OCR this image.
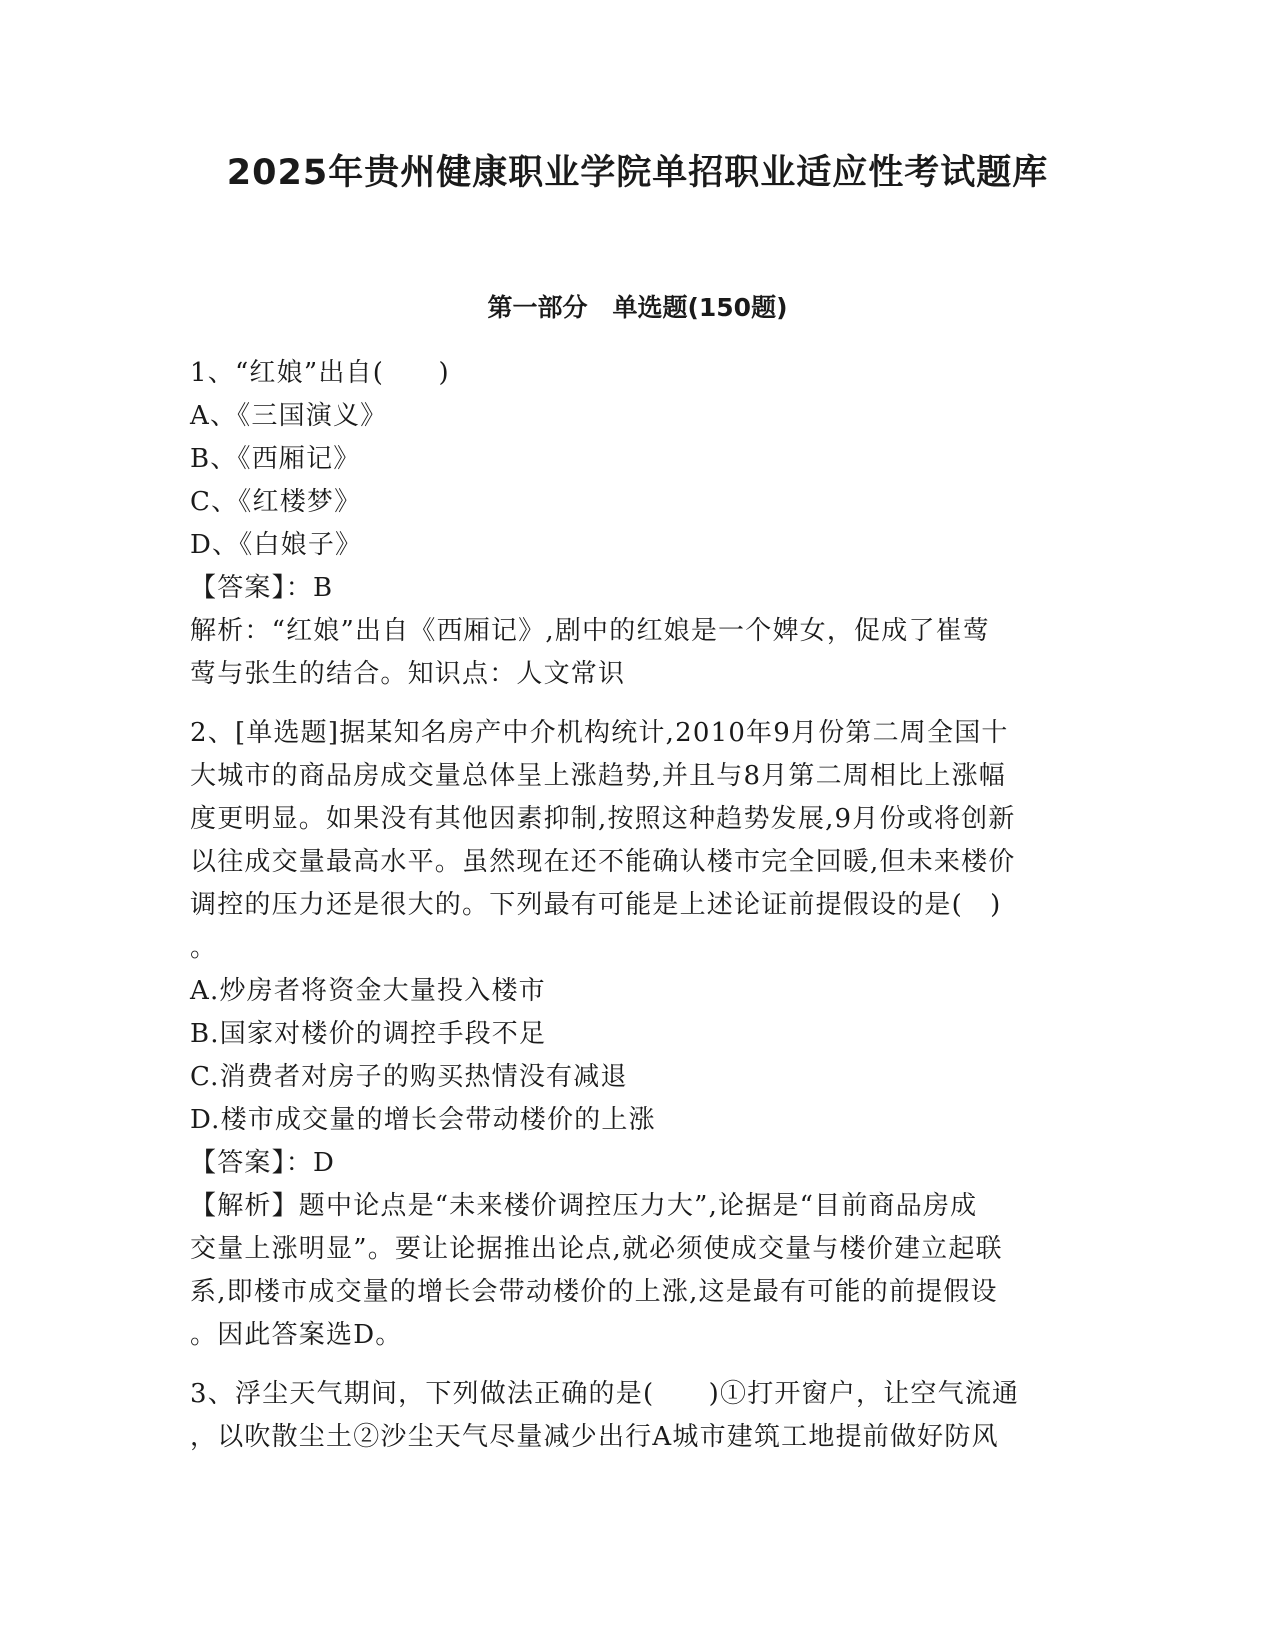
2025年贵州健康职业学院单招职业适应性考试题库
第一部分　单选题(150题)
1、“红娘”出自(　　)
A、《三国演义》
B、《西厢记》
C、《红楼梦》
D、《白娘子》
【答案】：B
解析：“红娘”出自《西厢记》,剧中的红娘是一个婢女，促成了崔莺
莺与张生的结合。知识点：人文常识
2、[单选题]据某知名房产中介机构统计,2010年9月份第二周全国十
大城市的商品房成交量总体呈上涨趋势,并且与8月第二周相比上涨幅
度更明显。如果没有其他因素抑制,按照这种趋势发展,9月份或将创新
以往成交量最高水平。虽然现在还不能确认楼市完全回暖,但未来楼价
调控的压力还是很大的。下列最有可能是上述论证前提假设的是(　)
。
A.炒房者将资金大量投入楼市
B.国家对楼价的调控手段不足
C.消费者对房子的购买热情没有减退
D.楼市成交量的增长会带动楼价的上涨
【答案】：D
【解析】题中论点是“未来楼价调控压力大”,论据是“目前商品房成
交量上涨明显”。要让论据推出论点,就必须使成交量与楼价建立起联
系,即楼市成交量的增长会带动楼价的上涨,这是最有可能的前提假设
。因此答案选D。
3、浮尘天气期间，下列做法正确的是(　　)①打开窗户，让空气流通
，以吹散尘土②沙尘天气尽量减少出行A城市建筑工地提前做好防风
